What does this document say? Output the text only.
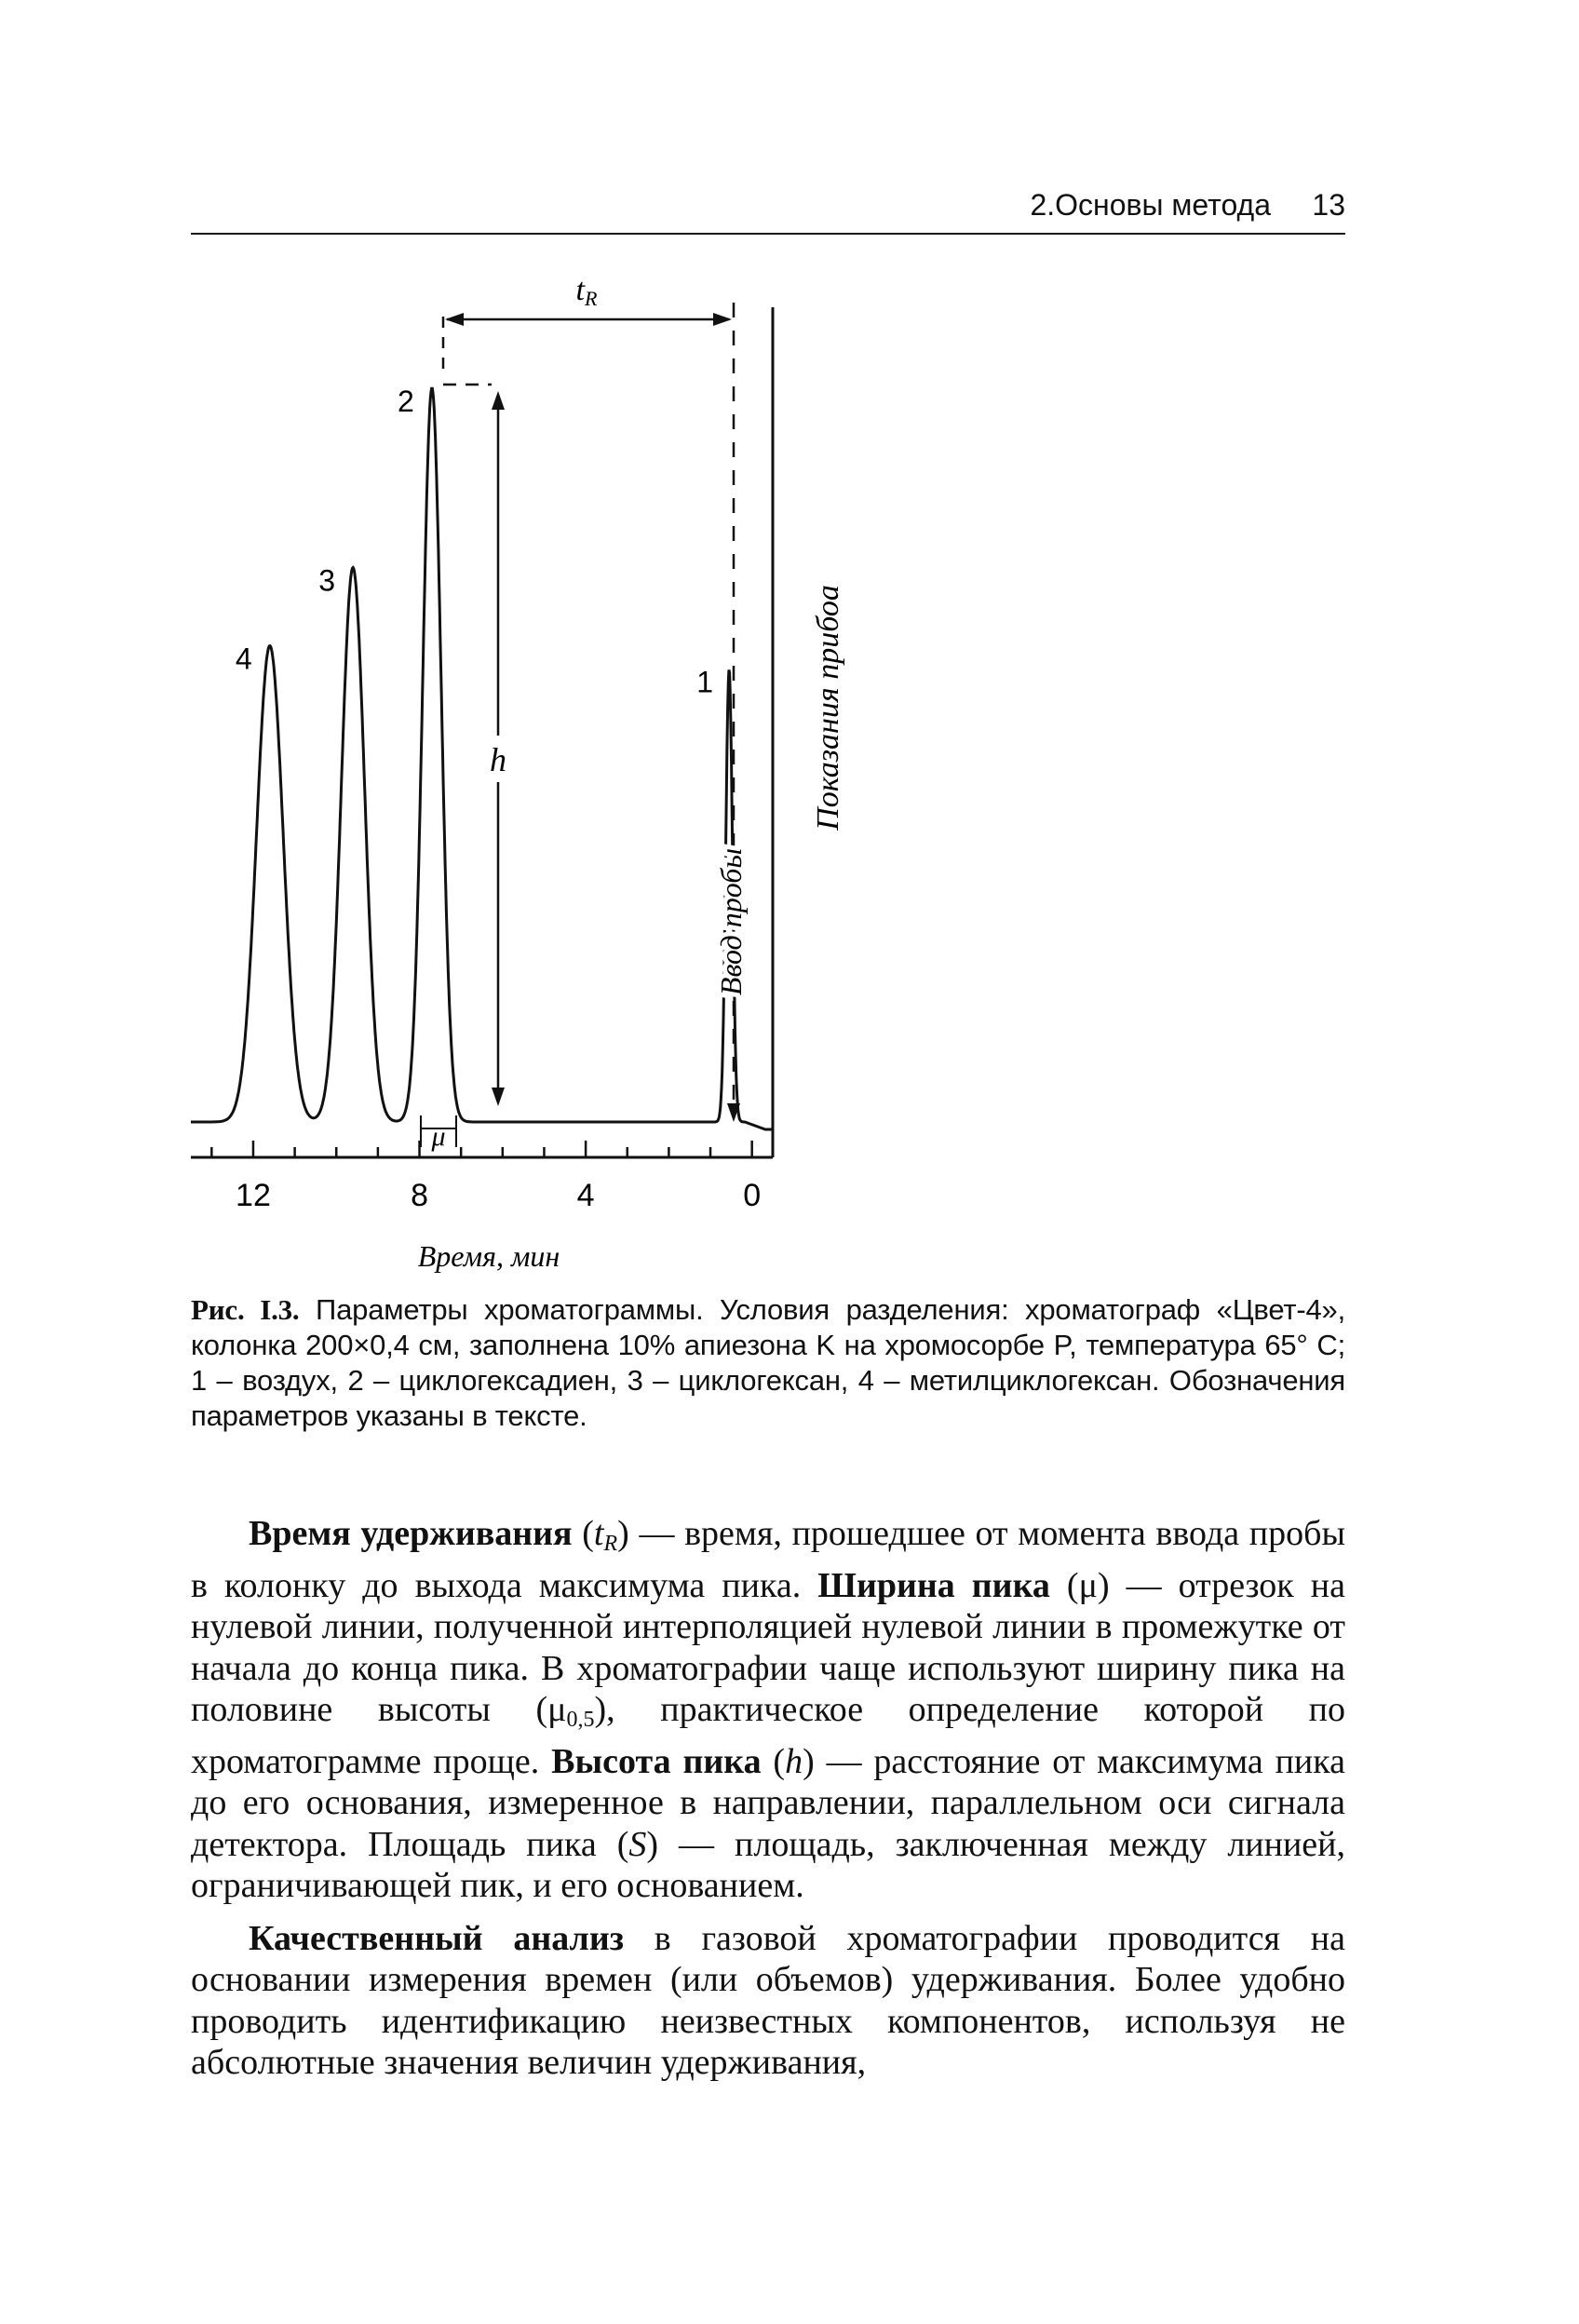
2.Основы метода 13
12	8	4	0
Время, мин
Показания прибоа
1
2
3
4
Ввод пробы
tR
h
μ
Рис. I.3. Параметры хроматограммы. Условия разделения: хроматограф «Цвет-4», колонка 200×0,4 см, заполнена 10% апиезона K на хромосорбе P, температура 65° C; 1 – воздух, 2 – циклогексадиен, 3 – циклогексан, 4 – метилциклогексан. Обозначения параметров указаны в тексте.

Время удерживания $(t_R)$ — время, прошедшее от момента ввода пробы в колонку до выхода максимума пика. Ширина пика (μ) — отрезок на нулевой линии, полученной интерполяцией нулевой линии в промежутке от начала до конца пика. В хроматографии чаще используют ширину пика на половине высоты $(\mu_{0,5})$, практическое определение которой по хроматограмме проще. Высота пика (h) — расстояние от максимума пика до его основания, измеренное в направлении, параллельном оси сигнала детектора. Площадь пика (S) — площадь, заключенная между линией, ограничивающей пик, и его основанием.

Качественный анализ в газовой хроматографии проводится на основании измерения времен (или объемов) удерживания. Более удобно проводить идентификацию неизвестных компонентов, используя не абсолютные значения величин удерживания,
